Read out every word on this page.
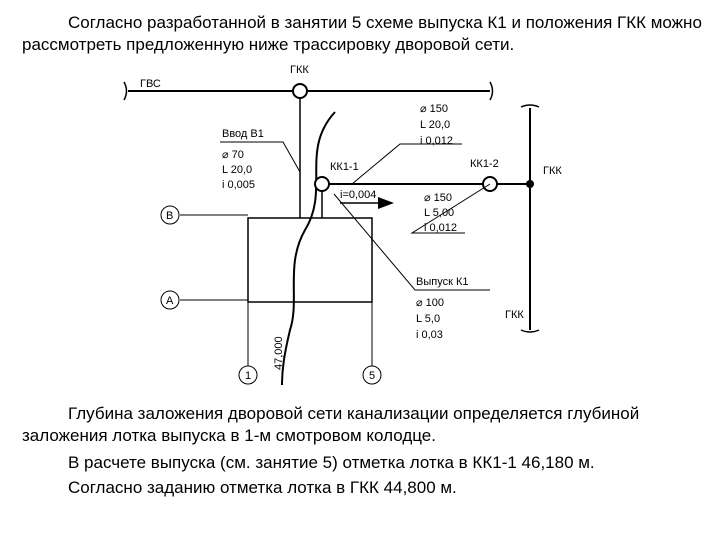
Согласно разработанной в занятии 5 схеме выпуска К1 и положения ГКК можно рассмотреть предложенную ниже трассировку дворовой сети.
ГВС
ГКК
ГКК
ГКК
Ввод В1
⌀ 70
L 20,0
i 0,005
⌀ 150
L 20,0
i 0,012
КК1-1	КК1-2
i=0,004	⌀ 150
L 5,00
i 0,012
Выпуск К1
⌀ 100
L 5,0
i 0,03
В
А
1	5
47,000
Глубина заложения дворовой сети канализации определяется глубиной заложения лотка выпуска в 1-м смотровом колодце.
В расчете выпуска (см. занятие 5) отметка лотка в КК1-1 46,180 м.
Согласно заданию отметка лотка в ГКК 44,800 м.
